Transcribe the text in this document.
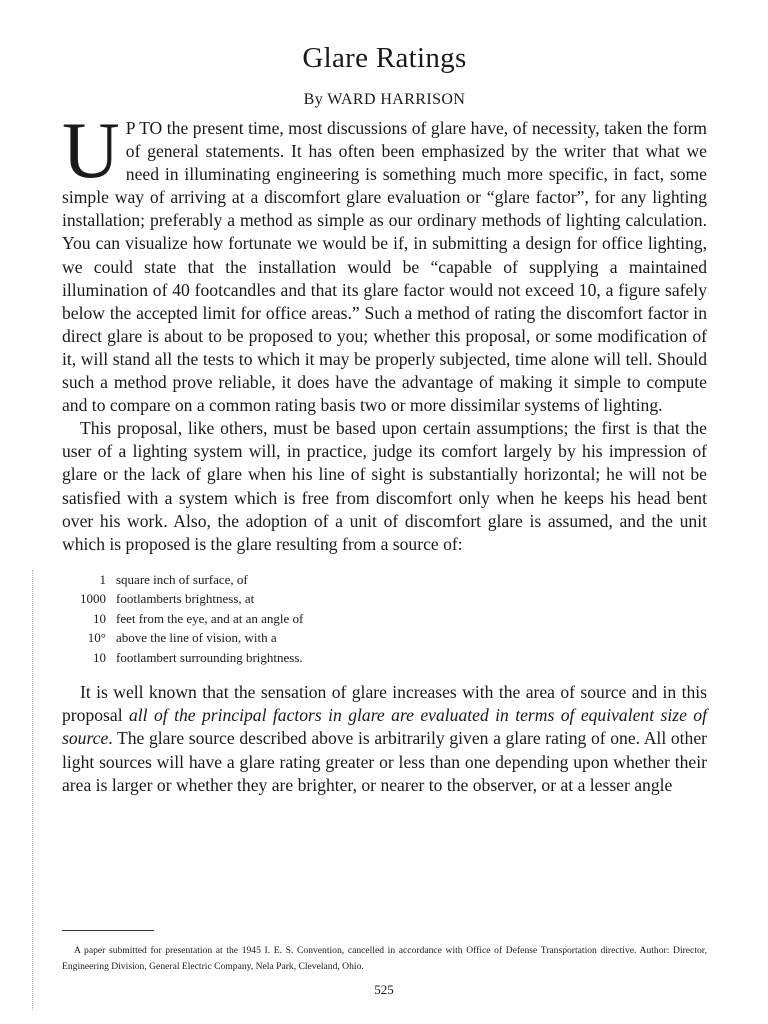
Glare Ratings
By WARD HARRISON

U P TO the present time, most discussions of glare have, of necessity, taken the form of general statements. It has often been emphasized by the writer that what we need in illuminating engineering is something much more specific, in fact, some simple way of arriving at a discomfort glare evaluation or “glare factor”, for any lighting installation; preferably a method as simple as our ordinary methods of lighting calculation. You can visualize how fortunate we would be if, in submitting a design for office lighting, we could state that the installation would be “capable of supplying a maintained illumination of 40 footcandles and that its glare factor would not exceed 10, a figure safely below the accepted limit for office areas.” Such a method of rating the discomfort factor in direct glare is about to be proposed to you; whether this proposal, or some modification of it, will stand all the tests to which it may be properly subjected, time alone will tell. Should such a method prove reliable, it does have the advantage of making it simple to compute and to compare on a common rating basis two or more dissimilar systems of lighting.

This proposal, like others, must be based upon certain assumptions; the first is that the user of a lighting system will, in practice, judge its comfort largely by his impression of glare or the lack of glare when his line of sight is substantially horizontal; he will not be satisfied with a system which is free from discomfort only when he keeps his head bent over his work. Also, the adoption of a unit of discomfort glare is assumed, and the unit which is proposed is the glare resulting from a source of:

1 square inch of surface, of
1000 footlamberts brightness, at
10 feet from the eye, and at an angle of
10° above the line of vision, with a
10 footlambert surrounding brightness.

It is well known that the sensation of glare increases with the area of source and in this proposal all of the principal factors in glare are evaluated in terms of equivalent size of source. The glare source described above is arbitrarily given a glare rating of one. All other light sources will have a glare rating greater or less than one depending upon whether their area is larger or whether they are brighter, or nearer to the observer, or at a lesser angle

A paper submitted for presentation at the 1945 I. E. S. Convention, cancelled in accordance with Office of Defense Transportation directive. Author: Director, Engineering Division, General Electric Company, Nela Park, Cleveland, Ohio.
525
